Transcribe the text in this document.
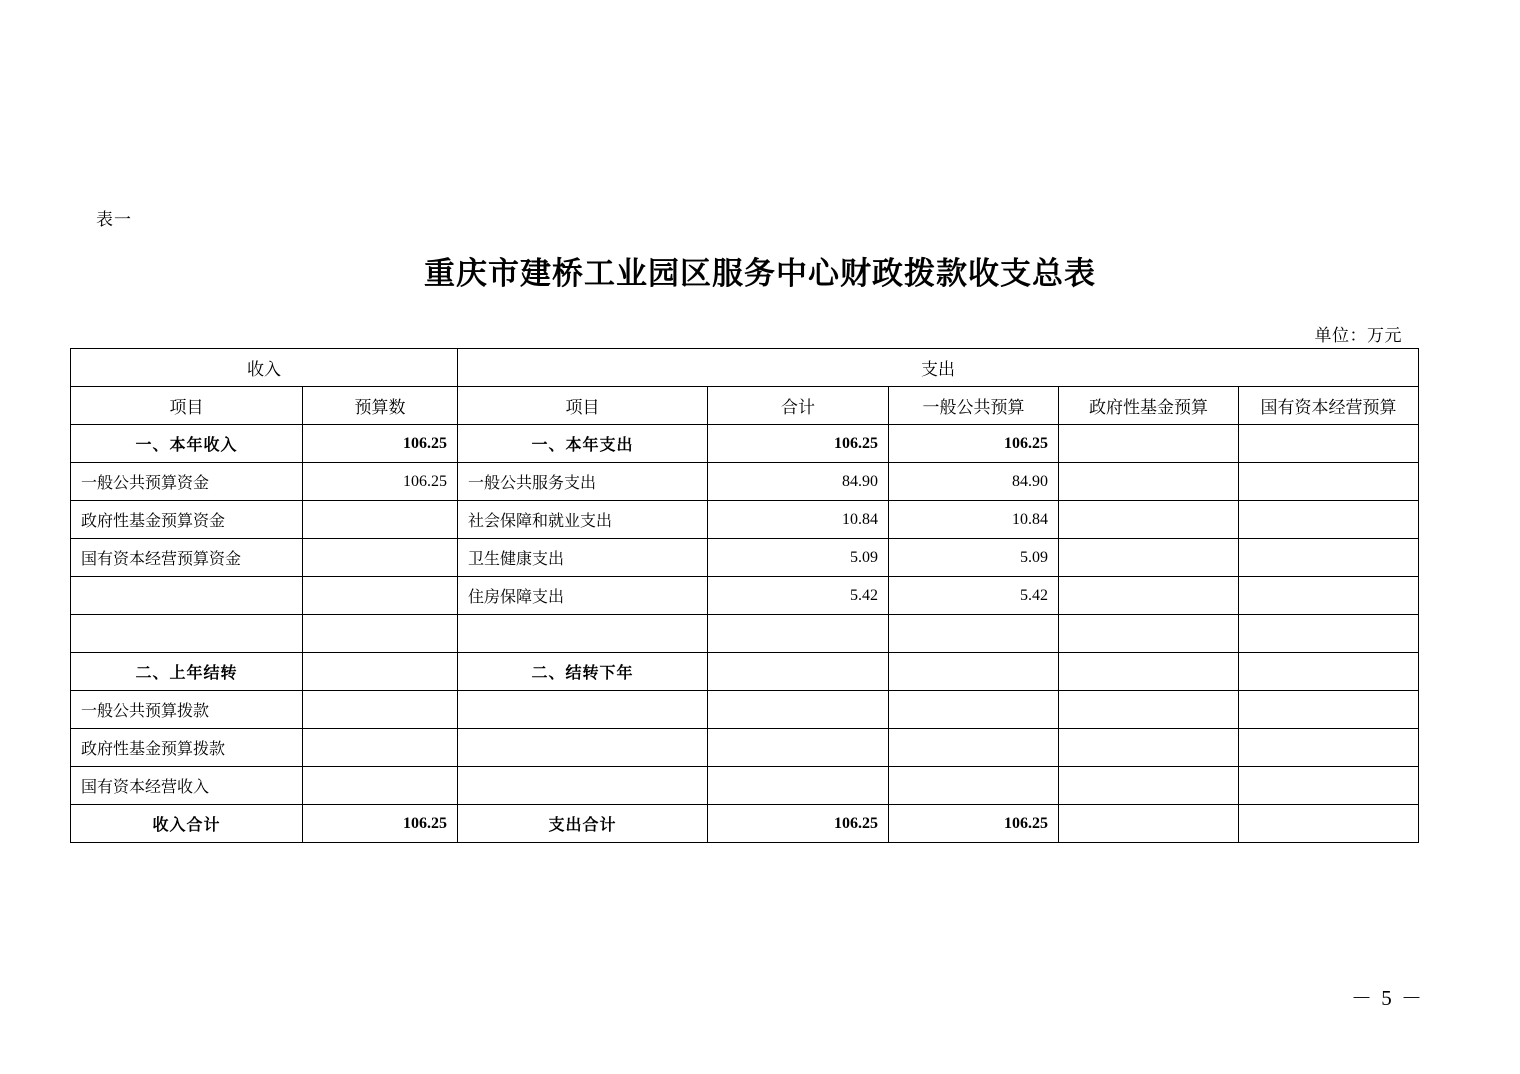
表一
重庆市建桥工业园区服务中心财政拨款收支总表
单位：万元
收入		支出				
项目	预算数	项目	合计	一般公共预算	政府性基金预算	国有资本经营预算
一、本年收入	106.25	一、本年支出	106.25	106.25		
一般公共预算资金	106.25	一般公共服务支出	84.90	84.90		
政府性基金预算资金		社会保障和就业支出	10.84	10.84		
国有资本经营预算资金		卫生健康支出	5.09	5.09		
		住房保障支出	5.42	5.42		

二、上年结转		二、结转下年				
一般公共预算拨款						
政府性基金预算拨款						
国有资本经营收入						
收入合计	106.25	支出合计	106.25	106.25		
－ 5 －
